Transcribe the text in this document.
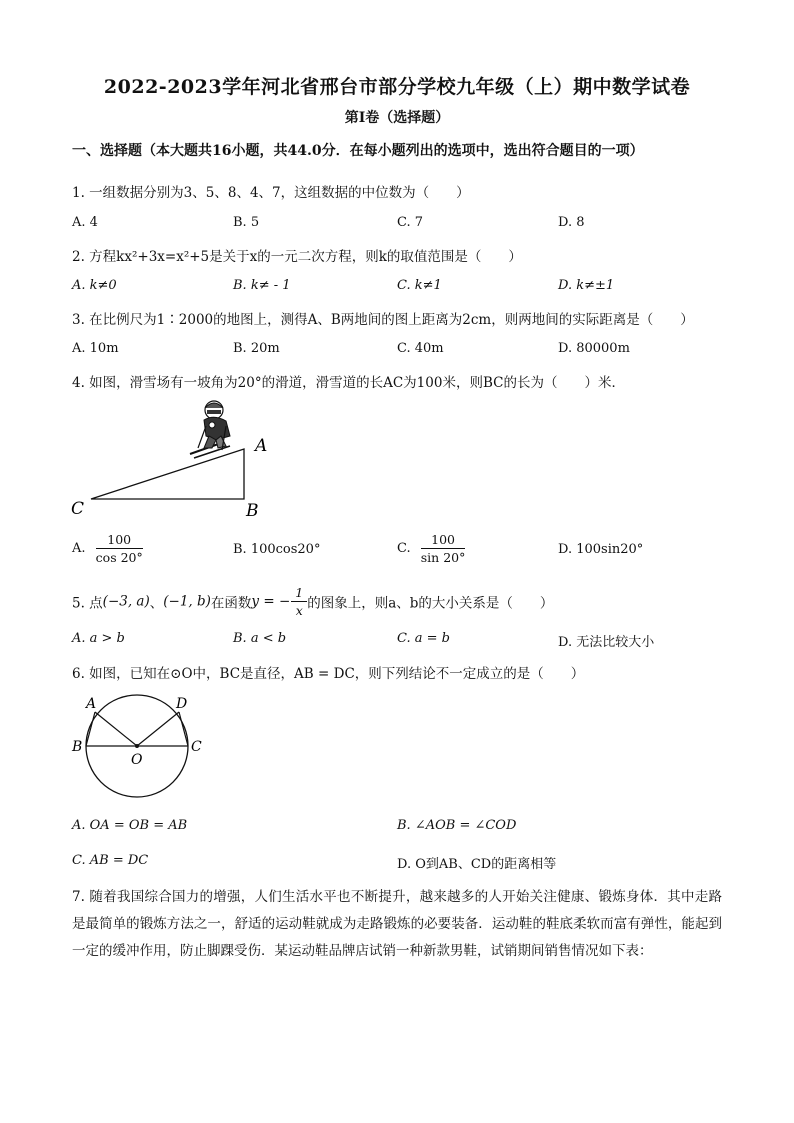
2022-2023学年河北省邢台市部分学校九年级（上）期中数学试卷
第I卷（选择题）
一、选择题（本大题共16小题，共44.0分．在每小题列出的选项中，选出符合题目的一项）
1. 一组数据分别为3、5、8、4、7，这组数据的中位数为（　　）
A. 4	B. 5	C. 7	D. 8
2. 方程kx²+3x=x²+5是关于x的一元二次方程，则k的取值范围是（　　）
A. k≠0	B. k≠ - 1	C. k≠1	D. k≠±1
3. 在比例尺为1∶2000的地图上，测得A、B两地间的图上距离为2cm，则两地间的实际距离是（　　）
A. 10m	B. 20m	C. 40m	D. 80000m
4. 如图，滑雪场有一坡角为20°的滑道，滑雪道的长AC为100米，则BC的长为（　　）米．
A
B
C
A. $\frac{100}{\cos 20^\circ}$	B. 100cos20°	C. $\frac{100}{\sin 20^\circ}$	D. 100sin20°
5. 点(−3, a)、(−1, b)在函数y = − $\frac{1}{x}$ 的图象上，则a、b的大小关系是（　　）
A. a > b	B. a < b	C. a = b	D. 无法比较大小
6. 如图，已知在⊙O中，BC是直径，AB = DC，则下列结论不一定成立的是（　　）
A	D
B	C
O
A. OA = OB = AB	B. ∠AOB = ∠COD
C. AB = DC	D. O到AB、CD的距离相等
7. 随着我国综合国力的增强，人们生活水平也不断提升，越来越多的人开始关注健康、锻炼身体．其中走路是最简单的锻炼方法之一，舒适的运动鞋就成为走路锻炼的必要装备．运动鞋的鞋底柔软而富有弹性，能起到一定的缓冲作用，防止脚踝受伤．某运动鞋品牌店试销一种新款男鞋，试销期间销售情况如下表：
